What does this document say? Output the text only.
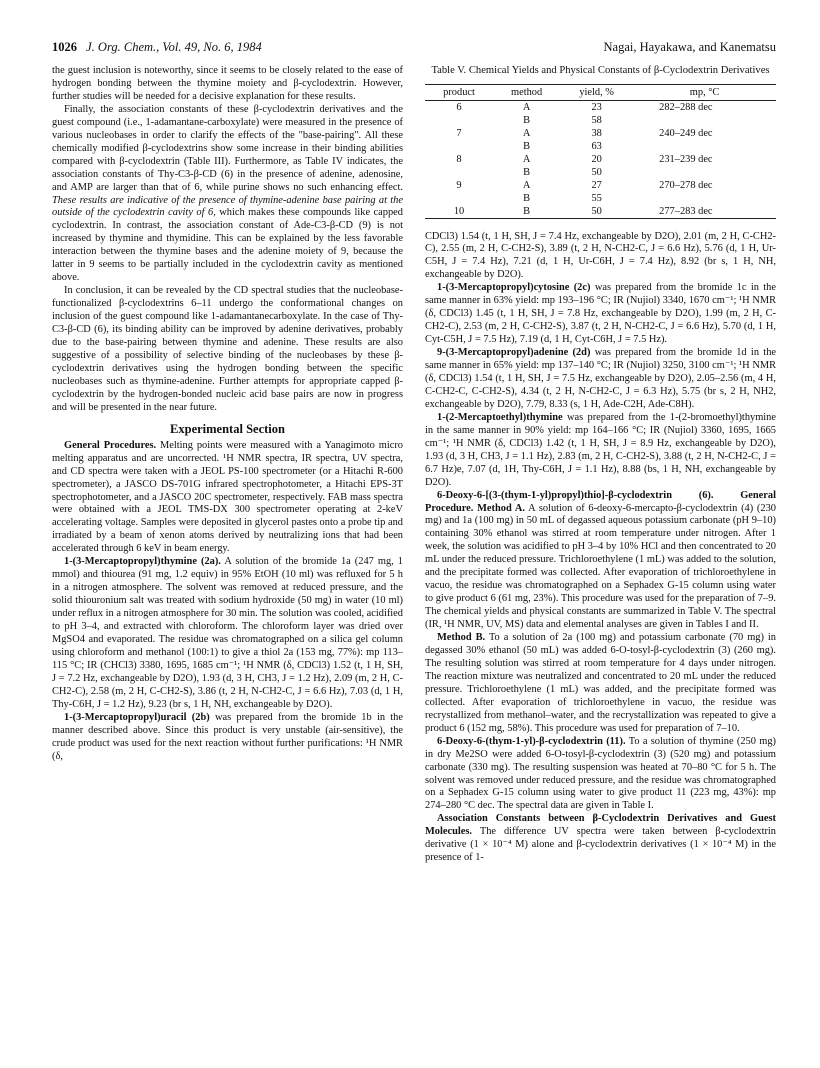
1026 J. Org. Chem., Vol. 49, No. 6, 1984	Nagai, Hayakawa, and Kanematsu

the guest inclusion is noteworthy, since it seems to be closely related to the ease of hydrogen bonding between the thymine moiety and β-cyclodextrin. However, further studies will be needed for a decisive explanation for these results.

Finally, the association constants of these β-cyclodextrin derivatives and the guest compound (i.e., 1-adamantane-carboxylate) were measured in the presence of various nucleobases in order to clarify the effects of the "base-pairing". All these chemically modified β-cyclodextrins show some increase in their binding abilities compared with β-cyclodextrin (Table III). Furthermore, as Table IV indicates, the association constants of Thy-C3-β-CD (6) in the presence of adenine, adenosine, and AMP are larger than that of 6, while purine shows no such enhancing effect. These results are indicative of the presence of thymine-adenine base pairing at the outside of the cyclodextrin cavity of 6, which makes these compounds like capped cyclodextrin. In contrast, the association constant of Ade-C3-β-CD (9) is not increased by thymine and thymidine. This can be explained by the less favorable interaction between the thymine bases and the adenine moiety of 9, because the latter in 9 seems to be partially included in the cyclodextrin cavity as mentioned above.

In conclusion, it can be revealed by the CD spectral studies that the nucleobase-functionalized β-cyclodextrins 6–11 undergo the conformational changes on inclusion of the guest compound like 1-adamantanecarboxylate. In the case of Thy-C3-β-CD (6), its binding ability can be improved by adenine derivatives, probably due to the base-pairing between thymine and adenine. These results are also suggestive of a possibility of selective binding of the nucleobases by these β-cyclodextrin derivatives using the hydrogen bonding between the specific nucleobases such as thymine-adenine. Further attempts for appropriate capped β-cyclodextrin by the hydrogen-bonded nucleic acid base pairs are now in progress and will be presented in the near future.

Experimental Section

General Procedures. Melting points were measured with a Yanagimoto micro melting apparatus and are uncorrected. ¹H NMR spectra, IR spectra, UV spectra, and CD spectra were taken with a JEOL PS-100 spectrometer (or a Hitachi R-600 spectrometer), a JASCO DS-701G infrared spectrophotometer, a Hitachi EPS-3T spectrophotometer, and a JASCO 20C spectrometer, respectively. FAB mass spectra were obtained with a JEOL TMS-DX 300 spectrometer operating at 2-keV accelerating voltage. Samples were deposited in glycerol pastes onto a probe tip and irradiated by a beam of xenon atoms derived by neutralizing ions that had been accelerated through 6 keV in beam energy.

1-(3-Mercaptopropyl)thymine (2a). A solution of the bromide 1a (247 mg, 1 mmol) and thiourea (91 mg, 1.2 equiv) in 95% EtOH (10 ml) was refluxed for 5 h in a nitrogen atmosphere. The solvent was removed at reduced pressure, and the solid thiouronium salt was treated with sodium hydroxide (50 mg) in water (10 ml) under reflux in a nitrogen atmosphere for 30 min. The solution was cooled, acidified to pH 3–4, and extracted with chloroform. The chloroform layer was dried over MgSO4 and evaporated. The residue was chromatographed on a silica gel column using chloroform and methanol (100:1) to give a thiol 2a (153 mg, 77%): mp 113–115 °C; IR (CHCl3) 3380, 1695, 1685 cm⁻¹; ¹H NMR (δ, CDCl3) 1.52 (t, 1 H, SH, J = 7.2 Hz, exchangeable by D2O), 1.93 (d, 3 H, CH3, J = 1.2 Hz), 2.09 (m, 2 H, C-CH2-C), 2.58 (m, 2 H, C-CH2-S), 3.86 (t, 2 H, N-CH2-C, J = 6.6 Hz), 7.03 (d, 1 H, Thy-C6H, J = 1.2 Hz), 9.23 (br s, 1 H, NH, exchangeable by D2O).

1-(3-Mercaptopropyl)uracil (2b) was prepared from the bromide 1b in the manner described above. Since this product is very unstable (air-sensitive), the crude product was used for the next reaction without further purifications: ¹H NMR (δ,

Table V. Chemical Yields and Physical Constants of β-Cyclodextrin Derivatives
product	method	yield, %	mp, °C
6	A	23	282–288 dec
	B	58	
7	A	38	240–249 dec
	B	63	
8	A	20	231–239 dec
	B	50	
9	A	27	270–278 dec
	B	55	
10	B	50	277–283 dec

CDCl3) 1.54 (t, 1 H, SH, J = 7.4 Hz, exchangeable by D2O), 2.01 (m, 2 H, C-CH2-C), 2.55 (m, 2 H, C-CH2-S), 3.89 (t, 2 H, N-CH2-C, J = 6.6 Hz), 5.76 (d, 1 H, Ur-C5H, J = 7.4 Hz), 7.21 (d, 1 H, Ur-C6H, J = 7.4 Hz), 8.92 (br s, 1 H, NH, exchangeable by D2O).

1-(3-Mercaptopropyl)cytosine (2c) was prepared from the bromide 1c in the same manner in 63% yield: mp 193–196 °C; IR (Nujiol) 3340, 1670 cm⁻¹; ¹H NMR (δ, CDCl3) 1.45 (t, 1 H, SH, J = 7.8 Hz, exchangeable by D2O), 1.99 (m, 2 H, C-CH2-C), 2.53 (m, 2 H, C-CH2-S), 3.87 (t, 2 H, N-CH2-C, J = 6.6 Hz), 5.70 (d, 1 H, Cyt-C5H, J = 7.5 Hz), 7.19 (d, 1 H, Cyt-C6H, J = 7.5 Hz).

9-(3-Mercaptopropyl)adenine (2d) was prepared from the bromide 1d in the same manner in 65% yield: mp 137–140 °C; IR (Nujiol) 3250, 3100 cm⁻¹; ¹H NMR (δ, CDCl3) 1.54 (t, 1 H, SH, J = 7.5 Hz, exchangeable by D2O), 2.05–2.56 (m, 4 H, C-CH2-C, C-CH2-S), 4.34 (t, 2 H, N-CH2-C, J = 6.3 Hz), 5.75 (br s, 2 H, NH2, exchangeable by D2O), 7.79, 8.33 (s, 1 H, Ade-C2H, Ade-C8H).

1-(2-Mercaptoethyl)thymine was prepared from the 1-(2-bromoethyl)thymine in the same manner in 90% yield: mp 164–166 °C; IR (Nujiol) 3360, 1695, 1665 cm⁻¹; ¹H NMR (δ, CDCl3) 1.42 (t, 1 H, SH, J = 8.9 Hz, exchangeable by D2O), 1.93 (d, 3 H, CH3, J = 1.1 Hz), 2.83 (m, 2 H, C-CH2-S), 3.88 (t, 2 H, N-CH2-C, J = 6.7 Hz)e, 7.07 (d, 1H, Thy-C6H, J = 1.1 Hz), 8.88 (bs, 1 H, NH, exchangeable by D2O).

6-Deoxy-6-[(3-(thym-1-yl)propyl)thio]-β-cyclodextrin (6). General Procedure. Method A. A solution of 6-deoxy-6-mercapto-β-cyclodextrin (4) (230 mg) and 1a (100 mg) in 50 mL of degassed aqueous potassium carbonate (pH 9–10) containing 30% ethanol was stirred at room temperature under nitrogen. After 1 week, the solution was acidified to pH 3–4 by 10% HCl and then concentrated to 20 mL under the reduced pressure. Trichloroethylene (1 mL) was added to the solution, and the precipitate formed was collected. After evaporation of trichloroethylene in vacuo, the residue was chromatographed on a Sephadex G-15 column using water to give product 6 (61 mg, 23%). This procedure was used for the preparation of 7–9. The chemical yields and physical constants are summarized in Table V. The spectral (IR, ¹H NMR, UV, MS) data and elemental analyses are given in Tables I and II.

Method B. To a solution of 2a (100 mg) and potassium carbonate (70 mg) in degassed 30% ethanol (50 mL) was added 6-O-tosyl-β-cyclodextrin (3) (260 mg). The resulting solution was stirred at room temperature for 4 days under nitrogen. The reaction mixture was neutralized and concentrated to 20 mL under the reduced pressure. Trichloroethylene (1 mL) was added, and the precipitate formed was collected. After evaporation of trichloroethylene in vacuo, the residue was recrystallized from methanol–water, and the recrystallization was repeated to give a product 6 (152 mg, 58%). This procedure was used for preparation of 7–10.

6-Deoxy-6-(thym-1-yl)-β-cyclodextrin (11). To a solution of thymine (250 mg) in dry Me2SO were added 6-O-tosyl-β-cyclodextrin (3) (520 mg) and potassium carbonate (330 mg). The resulting suspension was heated at 70–80 °C for 5 h. The solvent was removed under reduced pressure, and the residue was chromatographed on a Sephadex G-15 column using water to give product 11 (223 mg, 43%): mp 274–280 °C dec. The spectral data are given in Table I.

Association Constants between β-Cyclodextrin Derivatives and Guest Molecules. The difference UV spectra were taken between β-cyclodextrin derivative (1 × 10⁻⁴ M) alone and β-cyclodextrin derivatives (1 × 10⁻⁴ M) in the presence of 1-
